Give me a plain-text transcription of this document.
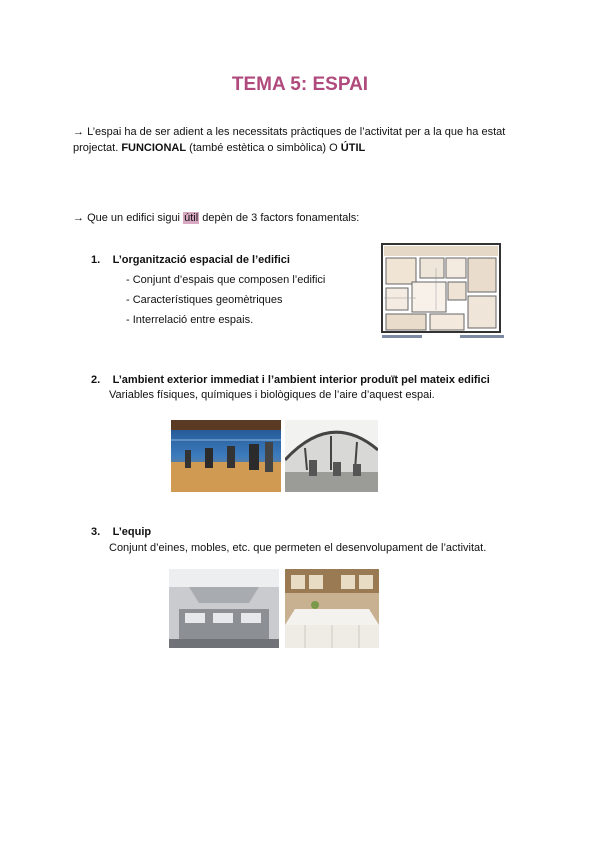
TEMA 5: ESPAI
→ L’espai ha de ser adient a les necessitats pràctiques de l’activitat per a la que ha estat
projectat. FUNCIONAL (també estètica o simbòlica) O ÚTIL
→ Que un edifici sigui útil depèn de 3 factors fonamentals:
1. L’organització espacial de l’edifici
- Conjunt d’espais que composen l’edifici
- Característiques geomètriques
- Interrelació entre espais.
2. L’ambient exterior immediat i l’ambient interior produït pel mateix edifici
Variables físiques, químiques i biològiques de l’aire d’aquest espai.
3. L’equip
Conjunt d’eines, mobles, etc. que permeten el desenvolupament de l’activitat.
